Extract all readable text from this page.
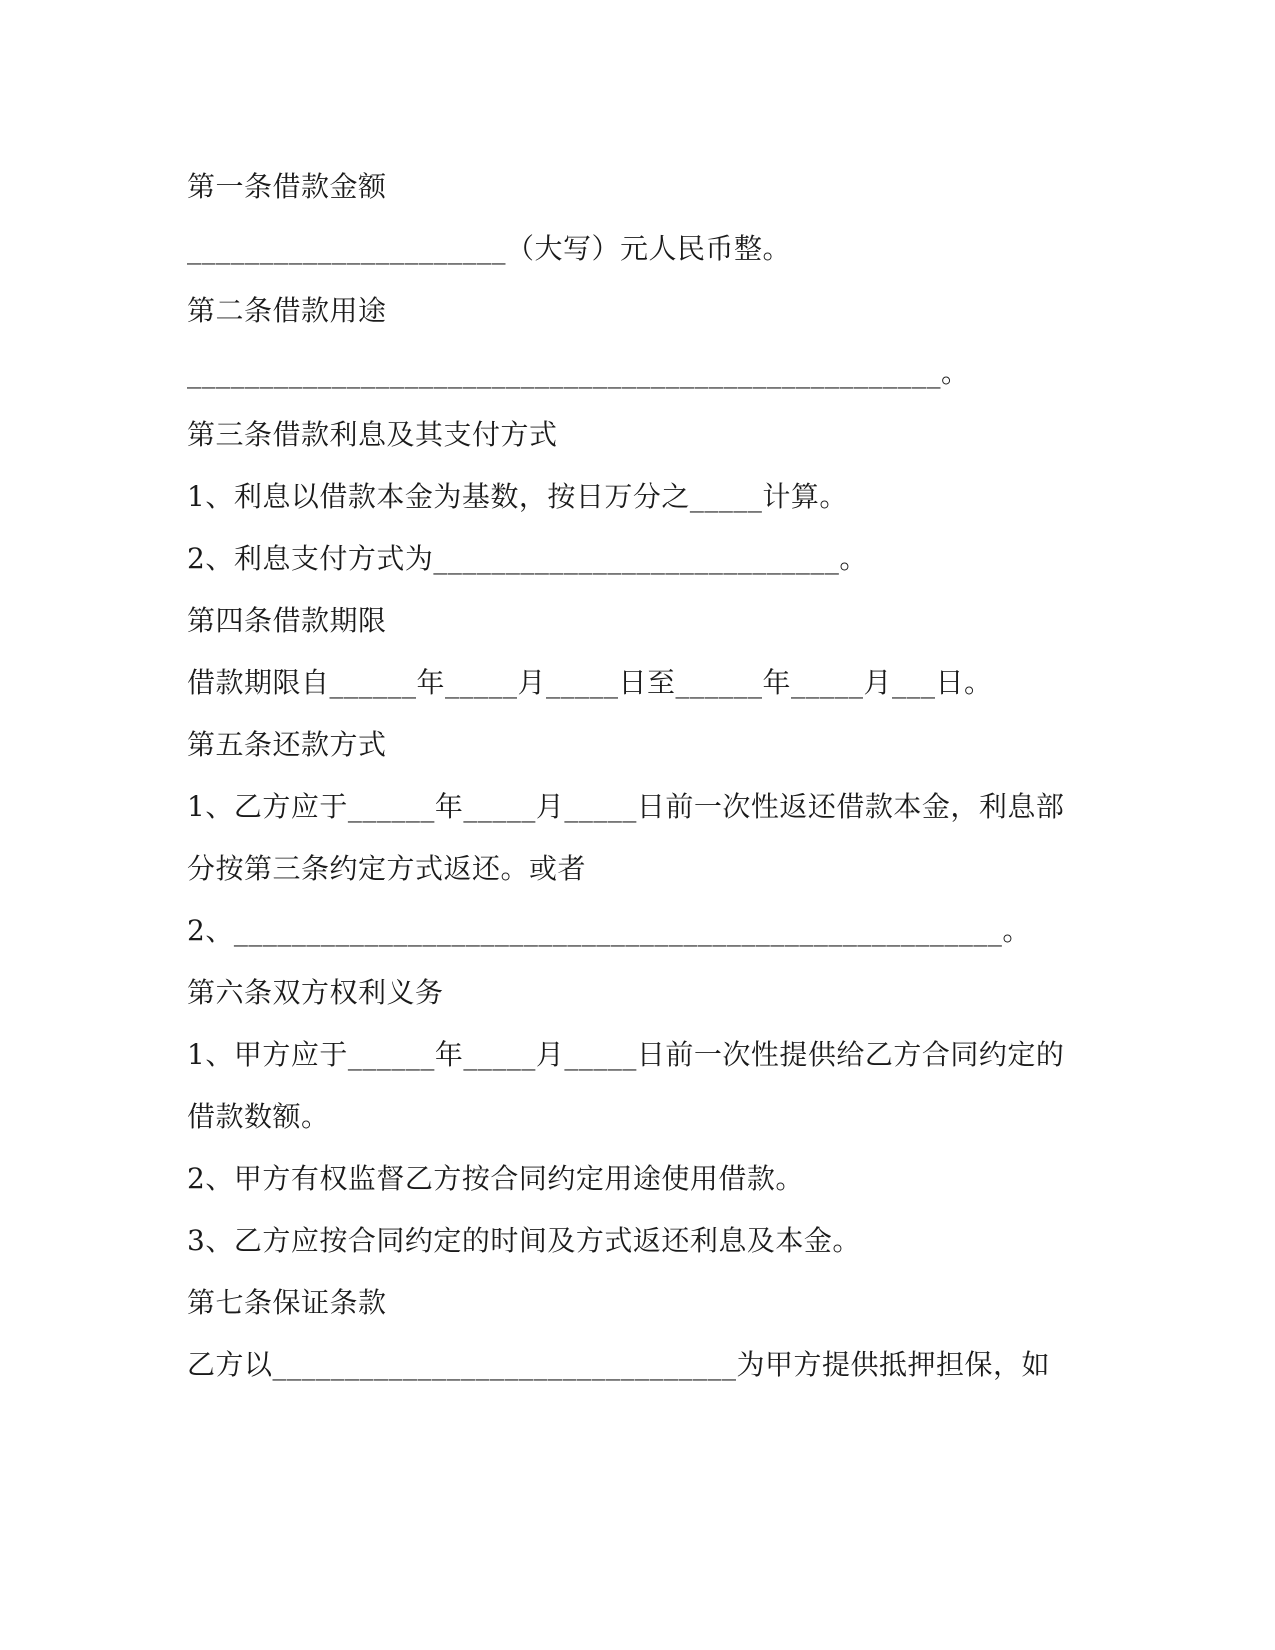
第一条借款金额
______________________（大写）元人民币整。
第二条借款用途
____________________________________________________。
第三条借款利息及其支付方式
1、利息以借款本金为基数，按日万分之_____计算。
2、利息支付方式为____________________________。
第四条借款期限
借款期限自______年_____月_____日至______年_____月___日。
第五条还款方式
1、乙方应于______年_____月_____日前一次性返还借款本金，利息部
分按第三条约定方式返还。或者
2、_____________________________________________________。
第六条双方权利义务
1、甲方应于______年_____月_____日前一次性提供给乙方合同约定的
借款数额。
2、甲方有权监督乙方按合同约定用途使用借款。
3、乙方应按合同约定的时间及方式返还利息及本金。
第七条保证条款
乙方以________________________________为甲方提供抵押担保，如
